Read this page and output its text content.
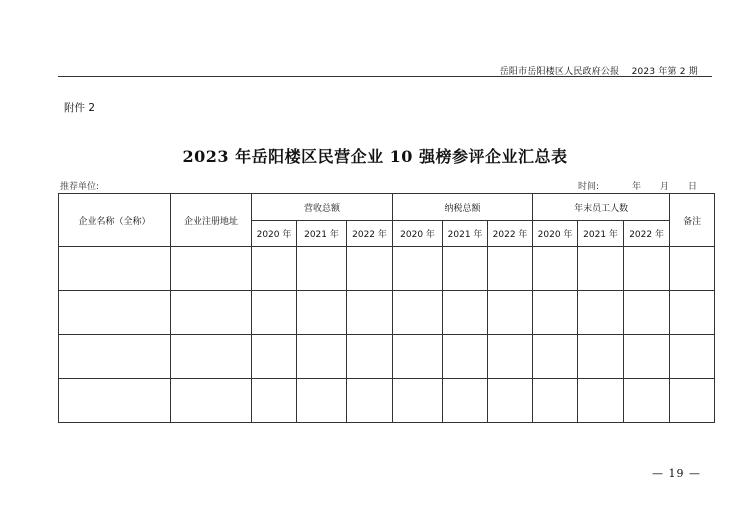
岳阳市岳阳楼区人民政府公报 2023 年第 2 期
附件 2
2023 年岳阳楼区民营企业 10 强榜参评企业汇总表
推荐单位:	时间:	年	月	日
企业名称（全称）	企业注册地址	营收总额			纳税总额			年末员工人数			备注
		2020 年	2021 年	2022 年	2020 年	2021 年	2022 年	2020 年	2021 年	2022 年	

— 19 —
